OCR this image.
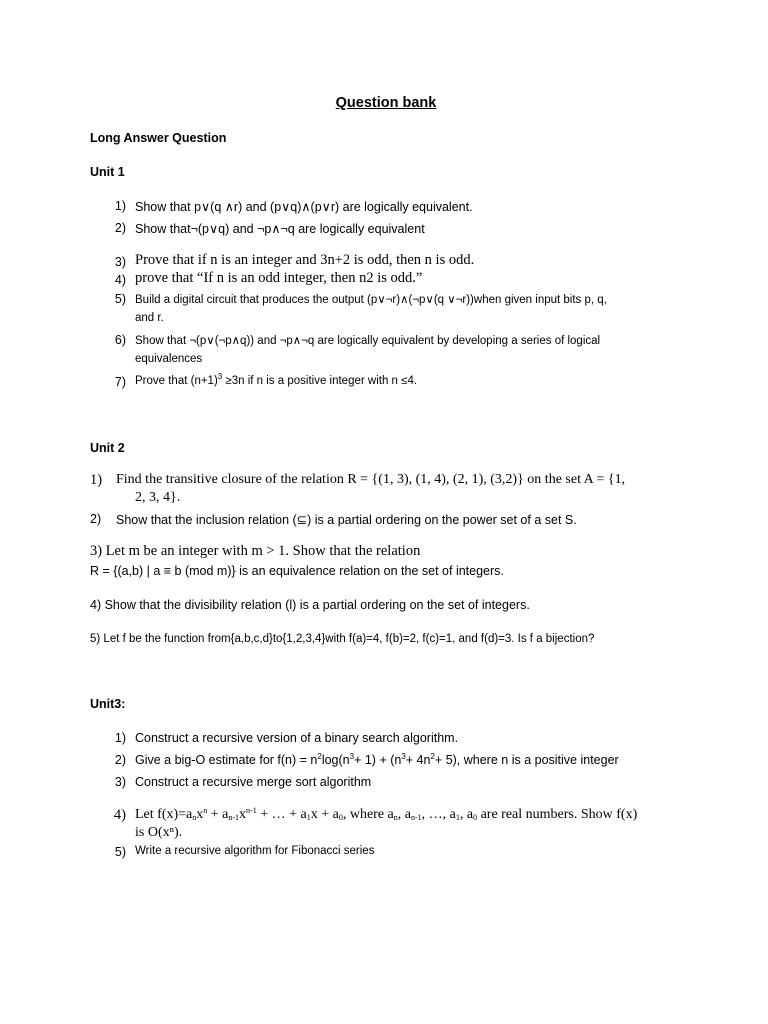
Question bank
Long Answer Question
Unit 1
1) Show that p∨(q ∧r) and (p∨q)∧(p∨r) are logically equivalent.
2) Show that¬(p∨q) and ¬p∧¬q are logically equivalent
3) Prove that if n is an integer and 3n+2 is odd, then n is odd.
4) prove that “If n is an odd integer, then n2 is odd.”
5) Build a digital circuit that produces the output (p∨¬r)∧(¬p∨(q ∨¬r))when given input bits p, q,
and r.
6) Show that ¬(p∨(¬p∧q)) and ¬p∧¬q are logically equivalent by developing a series of logical
equivalences
7) Prove that $(n+1)^3 \ge 3n$ if n is a positive integer with n ≤4.
Unit 2
1) Find the transitive closure of the relation R = {(1, 3), (1, 4), (2, 1), (3,2)} on the set A = {1,
2, 3, 4}.
2) Show that the inclusion relation (⊆) is a partial ordering on the power set of a set S.
3) Let m be an integer with m > 1. Show that the relation
R = {(a,b) | a ≡ b (mod m)} is an equivalence relation on the set of integers.
4) Show that the divisibility relation (l) is a partial ordering on the set of integers.
5) Let f be the function from{a,b,c,d}to{1,2,3,4}with f(a)=4, f(b)=2, f(c)=1, and f(d)=3. Is f a bijection?
Unit3:
1) Construct a recursive version of a binary search algorithm.
2) Give a big-O estimate for $f(n) = n^2\log(n^3+ 1) + (n^3+ 4n^2+ 5)$, where n is a positive integer
3) Construct a recursive merge sort algorithm
4) Let $f(x)=a_nx^n + a_{n-1}x^{n-1}$ + … + $a_1x + a_0$, where $a_n$, $a_{n-1}$, …, $a_1$, $a_0$ are real numbers. Show f(x)
is O(xⁿ).
5) Write a recursive algorithm for Fibonacci series
